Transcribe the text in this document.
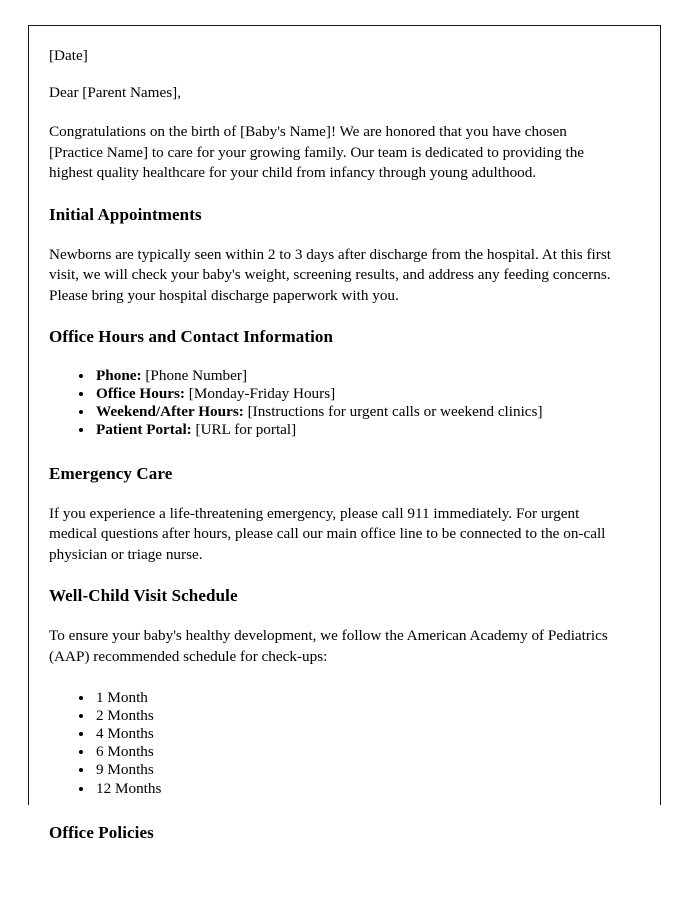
[Date]
Dear [Parent Names],

Congratulations on the birth of [Baby's Name]! We are honored that you have chosen [Practice Name] to care for your growing family. Our team is dedicated to providing the highest quality healthcare for your child from infancy through young adulthood.

Initial Appointments

Newborns are typically seen within 2 to 3 days after discharge from the hospital. At this first visit, we will check your baby's weight, screening results, and address any feeding concerns. Please bring your hospital discharge paperwork with you.

Office Hours and Contact Information
• Phone: [Phone Number]
• Office Hours: [Monday-Friday Hours]
• Weekend/After Hours: [Instructions for urgent calls or weekend clinics]
• Patient Portal: [URL for portal]
Emergency Care

If you experience a life-threatening emergency, please call 911 immediately. For urgent medical questions after hours, please call our main office line to be connected to the on-call physician or triage nurse.

Well-Child Visit Schedule

To ensure your baby's healthy development, we follow the American Academy of Pediatrics (AAP) recommended schedule for check-ups:

• 1 Month
• 2 Months
• 4 Months
• 6 Months
• 9 Months
• 12 Months
Office Policies
